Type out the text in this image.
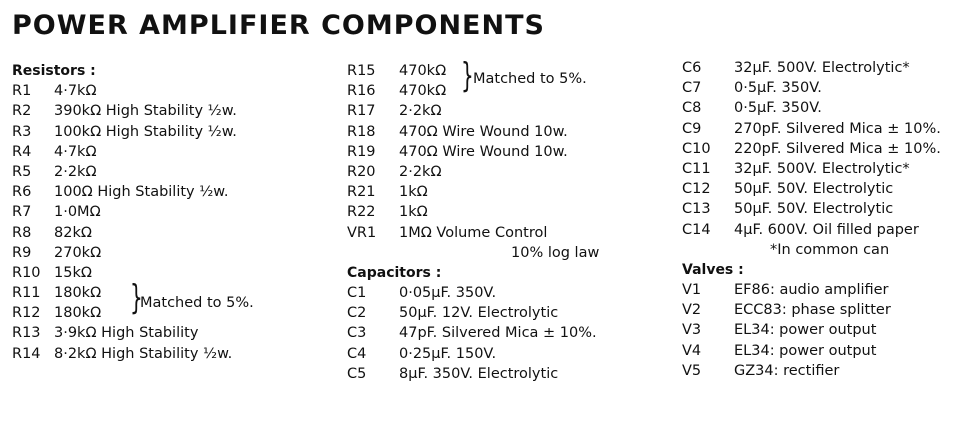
POWER AMPLIFIER COMPONENTS
Resistors :
R1	4·7kΩ
R2	390kΩ High Stability ½w.
R3	100kΩ High Stability ½w.
R4	4·7kΩ
R5	2·2kΩ
R6	100Ω High Stability ½w.
R7	1·0MΩ
R8	82kΩ
R9	270kΩ
R10 15kΩ
R11 180kΩ }
Matched to 5%.
R12 180kΩ
R13 3·9kΩ High Stability
R14 8·2kΩ High Stability ½w.
R15	470kΩ } Matched to 5%.
R16	470kΩ
R17	2·2kΩ
R18	470Ω Wire Wound 10w.
R19	470Ω Wire Wound 10w.
R20	2·2kΩ
R21	1kΩ
R22	1kΩ
VR1	1MΩ Volume Control
10% log law
Capacitors :
C1	0·05μF. 350V.
C2	50μF. 12V. Electrolytic
C3	47pF. Silvered Mica ± 10%.
C4	0·25μF. 150V.
C5	8μF. 350V. Electrolytic
C6	32μF. 500V. Electrolytic*
C7	0·5μF. 350V.
C8	0·5μF. 350V.
C9	270pF. Silvered Mica ± 10%.
C10	220pF. Silvered Mica ± 10%.
C11	32μF. 500V. Electrolytic*
C12	50μF. 50V. Electrolytic
C13	50μF. 50V. Electrolytic
C14	4μF. 600V. Oil filled paper
*In common can
Valves :
V1	EF86: audio amplifier
V2	ECC83: phase splitter
V3	EL34: power output
V4	EL34: power output
V5	GZ34: rectifier
